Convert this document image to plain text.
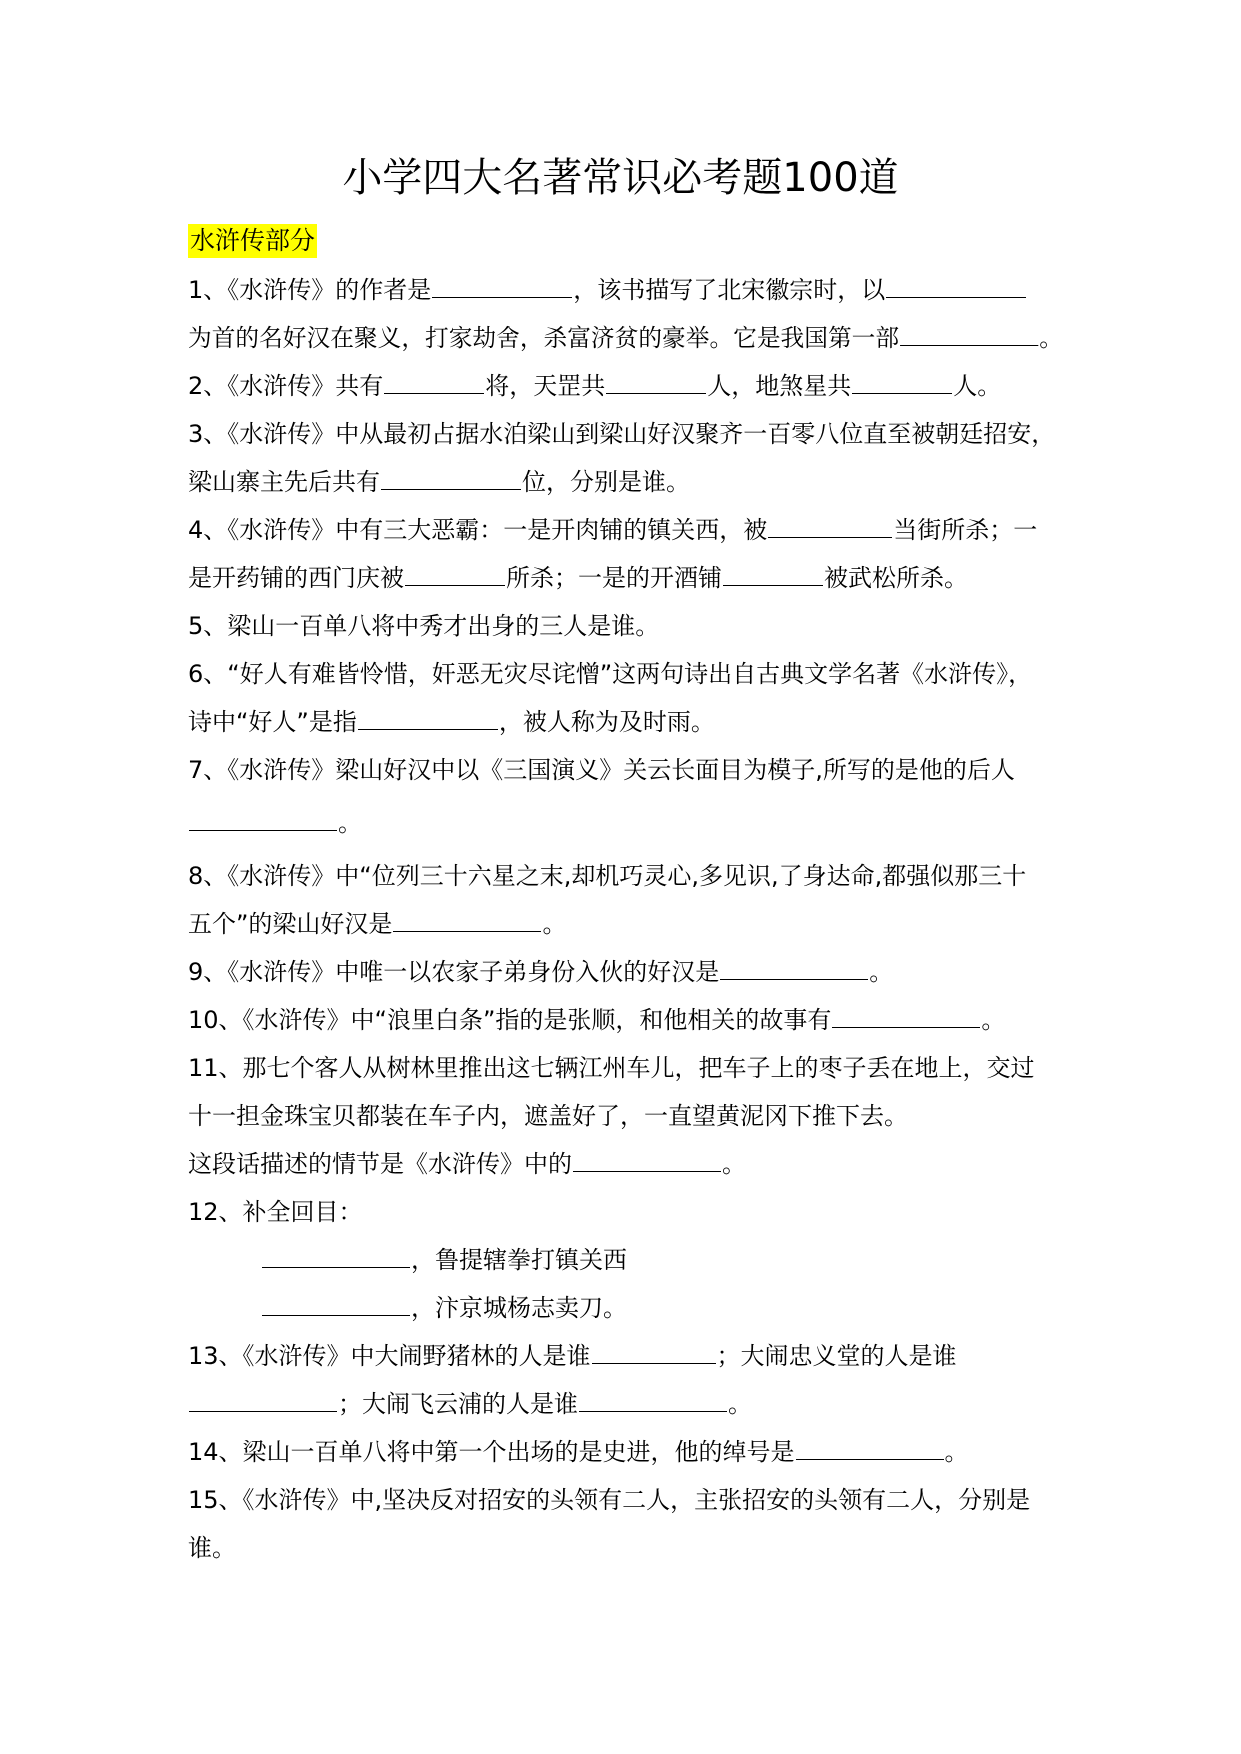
小学四大名著常识必考题100道
水浒传部分
1、《水浒传》的作者是	，该书描写了北宋徽宗时，以
为首的名好汉在聚义，打家劫舍，杀富济贫的豪举。它是我国第一部	。
2、《水浒传》共有	将，天罡共	人，地煞星共	人。
3、《水浒传》中从最初占据水泊梁山到梁山好汉聚齐一百零八位直至被朝廷招安，
梁山寨主先后共有	位，分别是谁。
4、《水浒传》中有三大恶霸：一是开肉铺的镇关西，被	当街所杀；一
是开药铺的西门庆被	所杀；一是的开酒铺	被武松所杀。
5、梁山一百单八将中秀才出身的三人是谁。
6、“好人有难皆怜惜，奸恶无灾尽诧憎”这两句诗出自古典文学名著《水浒传》，
诗中“好人”是指	，被人称为及时雨。
7、《水浒传》梁山好汉中以《三国演义》关云长面目为模子,所写的是他的后人
。
8、《水浒传》中“位列三十六星之末,却机巧灵心,多见识,了身达命,都强似那三十
五个”的梁山好汉是	。
9、《水浒传》中唯一以农家子弟身份入伙的好汉是	。
10、《水浒传》中“浪里白条”指的是张顺，和他相关的故事有	。
11、那七个客人从树林里推出这七辆江州车儿，把车子上的枣子丢在地上，交过
十一担金珠宝贝都装在车子内，遮盖好了，一直望黄泥冈下推下去。
这段话描述的情节是《水浒传》中的	。
12、补全回目：
，鲁提辖拳打镇关西
，汴京城杨志卖刀。
13、《水浒传》中大闹野猪林的人是谁	；大闹忠义堂的人是谁
；大闹飞云浦的人是谁	。
14、梁山一百单八将中第一个出场的是史进，他的绰号是	。
15、《水浒传》中,坚决反对招安的头领有二人，主张招安的头领有二人，分别是
谁。
